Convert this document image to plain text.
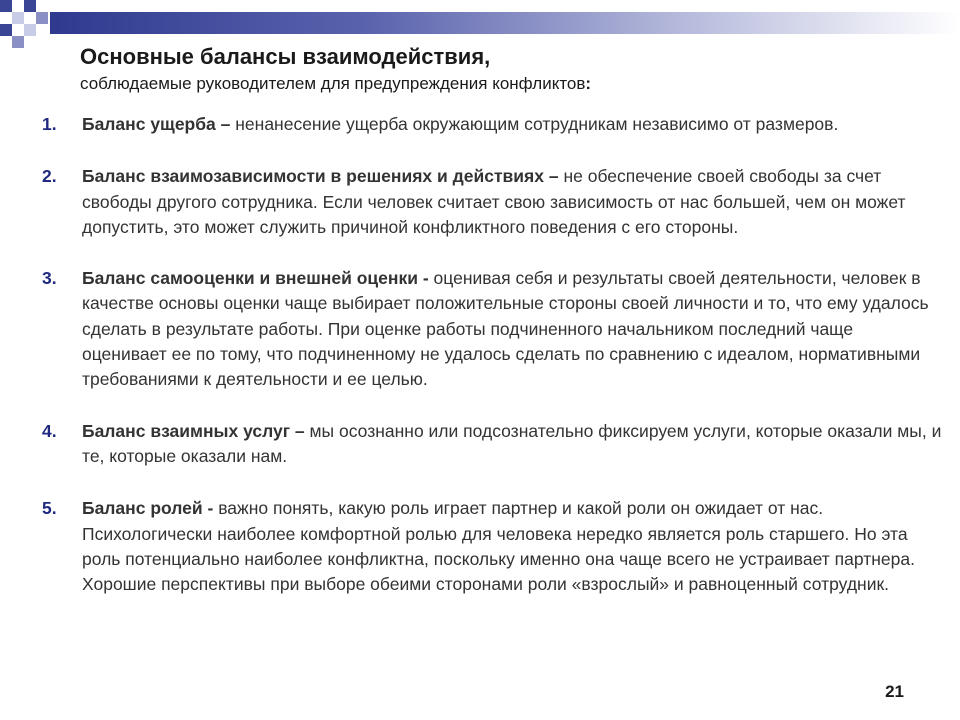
Основные балансы взаимодействия,
соблюдаемые руководителем для предупреждения конфликтов:
1. Баланс ущерба – ненанесение ущерба окружающим сотрудникам независимо от размеров.
2. Баланс взаимозависимости в решениях и действиях – не обеспечение своей свободы за счет свободы другого сотрудника. Если человек считает свою зависимость от нас большей, чем он может допустить, это может служить причиной конфликтного поведения с его стороны.
3. Баланс самооценки и внешней оценки - оценивая себя и результаты своей деятельности, человек в качестве основы оценки чаще выбирает положительные стороны своей личности и то, что ему удалось сделать в результате работы. При оценке работы подчиненного начальником последний чаще оценивает ее по тому, что подчиненному не удалось сделать по сравнению с идеалом, нормативными требованиями к деятельности и ее целью.
4. Баланс взаимных услуг – мы осознанно или подсознательно фиксируем услуги, которые оказали мы, и те, которые оказали нам.
5. Баланс ролей - важно понять, какую роль играет партнер и какой роли он ожидает от нас. Психологически наиболее комфортной ролью для человека нередко является роль старшего. Но эта роль потенциально наиболее конфликтна, поскольку именно она чаще всего не устраивает партнера. Хорошие перспективы при выборе обеими сторонами роли «взрослый» и равноценный сотрудник.
21
